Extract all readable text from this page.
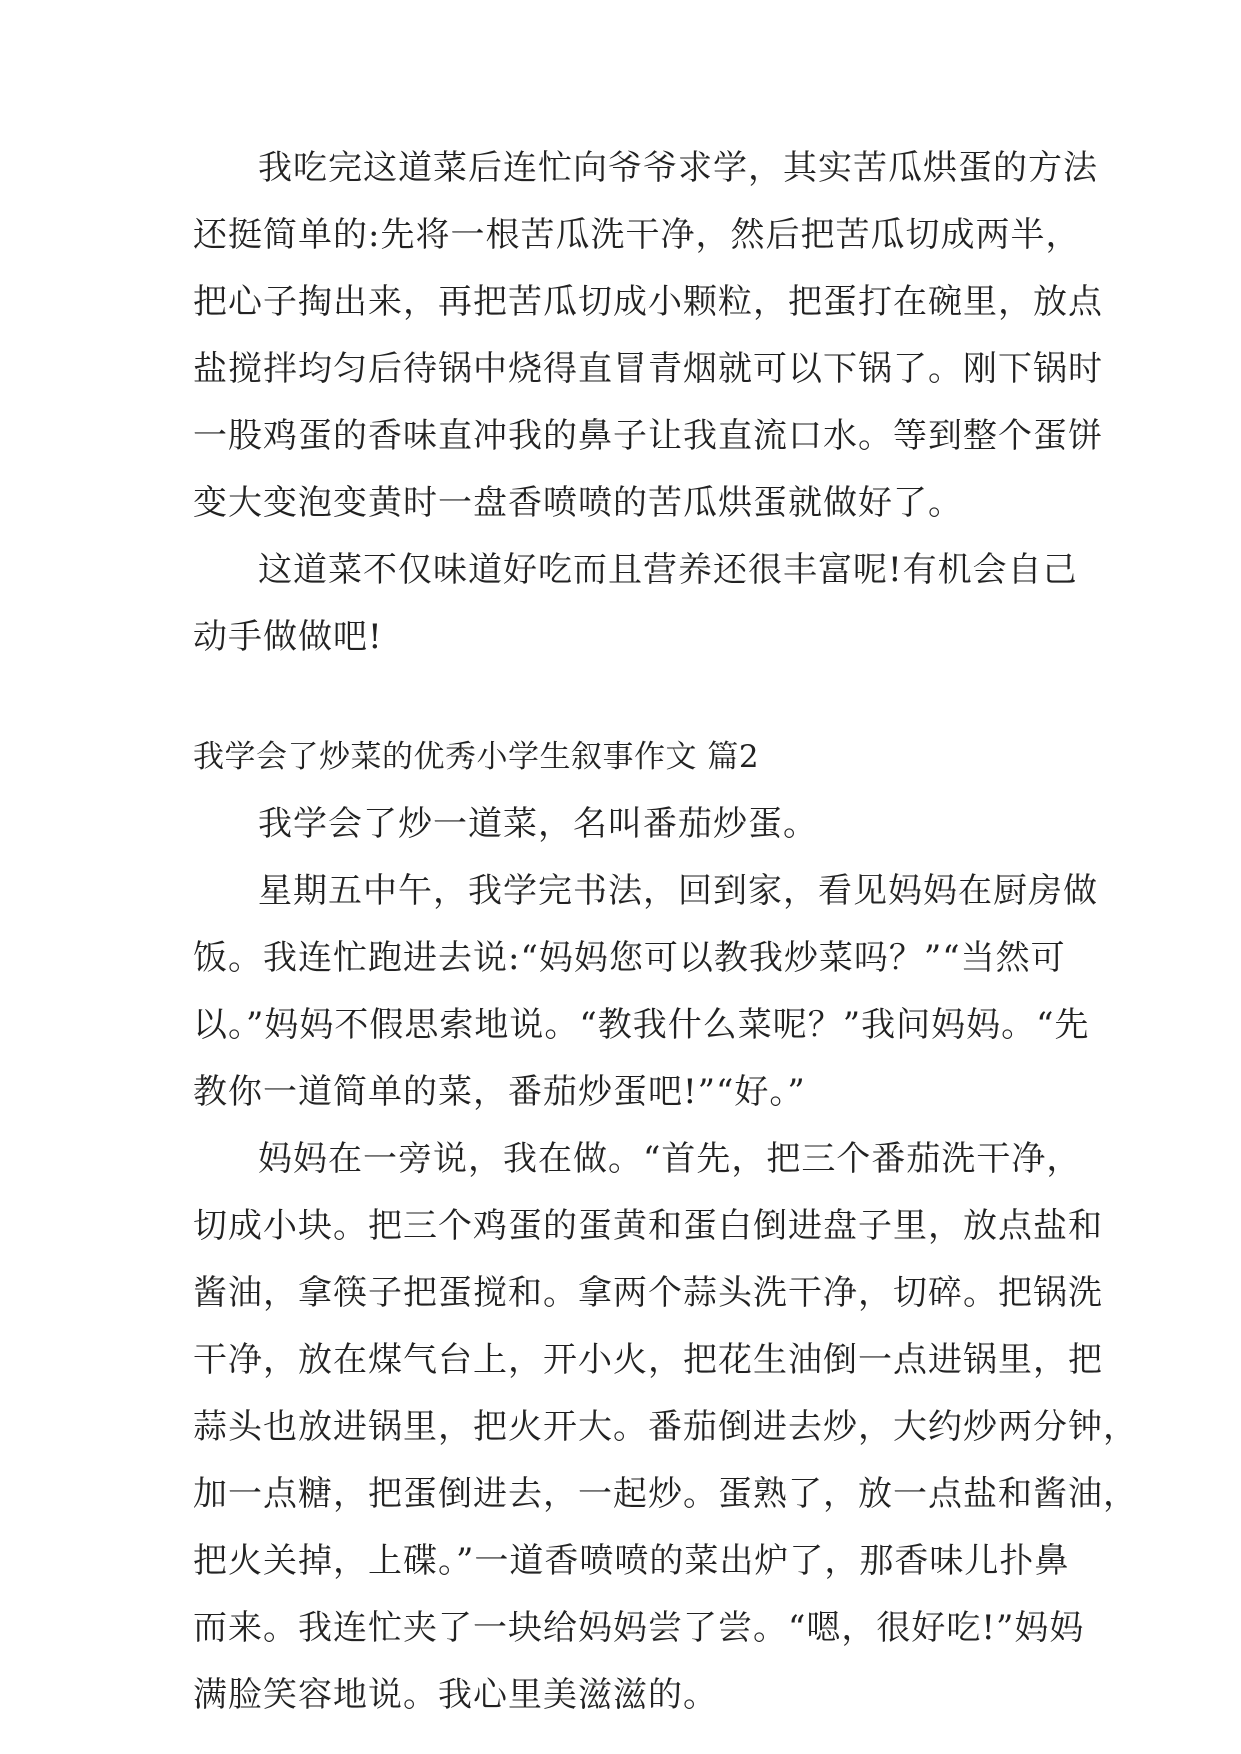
我吃完这道菜后连忙向爷爷求学，其实苦瓜烘蛋的方法
还挺简单的:先将一根苦瓜洗干净，然后把苦瓜切成两半，
把心子掏出来，再把苦瓜切成小颗粒，把蛋打在碗里，放点
盐搅拌均匀后待锅中烧得直冒青烟就可以下锅了。刚下锅时
一股鸡蛋的香味直冲我的鼻子让我直流口水。等到整个蛋饼
变大变泡变黄时一盘香喷喷的苦瓜烘蛋就做好了。
这道菜不仅味道好吃而且营养还很丰富呢!有机会自己
动手做做吧!
我学会了炒菜的优秀小学生叙事作文 篇2
我学会了炒一道菜，名叫番茄炒蛋。
星期五中午，我学完书法，回到家，看见妈妈在厨房做
饭。我连忙跑进去说:“妈妈您可以教我炒菜吗？”“当然可
以。”妈妈不假思索地说。“教我什么菜呢？”我问妈妈。“先
教你一道简单的菜，番茄炒蛋吧!”“好。”
妈妈在一旁说，我在做。“首先，把三个番茄洗干净，
切成小块。把三个鸡蛋的蛋黄和蛋白倒进盘子里，放点盐和
酱油，拿筷子把蛋搅和。拿两个蒜头洗干净，切碎。把锅洗
干净，放在煤气台上，开小火，把花生油倒一点进锅里，把
蒜头也放进锅里，把火开大。番茄倒进去炒，大约炒两分钟，
加一点糖，把蛋倒进去，一起炒。蛋熟了，放一点盐和酱油，
把火关掉，上碟。”一道香喷喷的菜出炉了，那香味儿扑鼻
而来。我连忙夹了一块给妈妈尝了尝。“嗯，很好吃!”妈妈
满脸笑容地说。我心里美滋滋的。
